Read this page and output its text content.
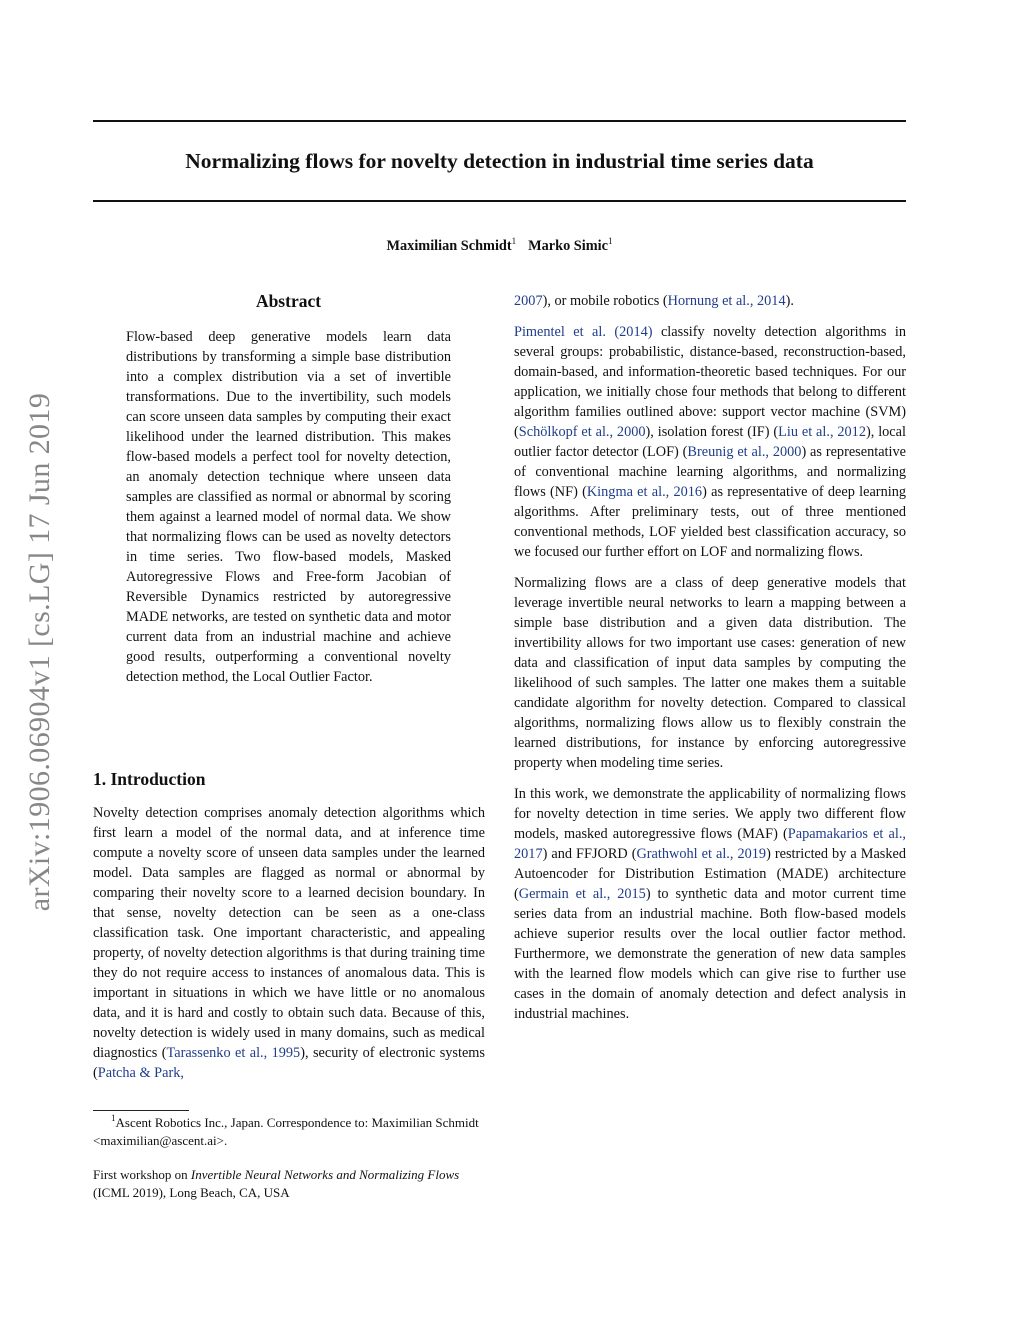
Normalizing flows for novelty detection in industrial time series data
Maximilian Schmidt$^1$ Marko Simic$^1$
arXiv:1906.06904v1 [cs.LG] 17 Jun 2019
Abstract

Flow-based deep generative models learn data distributions by transforming a simple base distribution into a complex distribution via a set of invertible transformations. Due to the invertibility, such models can score unseen data samples by computing their exact likelihood under the learned distribution. This makes flow-based models a perfect tool for novelty detection, an anomaly detection technique where unseen data samples are classified as normal or abnormal by scoring them against a learned model of normal data. We show that normalizing flows can be used as novelty detectors in time series. Two flow-based models, Masked Autoregressive Flows and Free-form Jacobian of Reversible Dynamics restricted by autoregressive MADE networks, are tested on synthetic data and motor current data from an industrial machine and achieve good results, outperforming a conventional novelty detection method, the Local Outlier Factor.

1. Introduction

Novelty detection comprises anomaly detection algorithms which first learn a model of the normal data, and at inference time compute a novelty score of unseen data samples under the learned model. Data samples are flagged as normal or abnormal by comparing their novelty score to a learned decision boundary. In that sense, novelty detection can be seen as a one-class classification task. One important characteristic, and appealing property, of novelty detection algorithms is that during training time they do not require access to instances of anomalous data. This is important in situations in which we have little or no anomalous data, and it is hard and costly to obtain such data. Because of this, novelty detection is widely used in many domains, such as medical diagnostics (Tarassenko et al., 1995), security of electronic systems (Patcha & Park,

$^1$Ascent Robotics Inc., Japan. Correspondence to: Maximilian Schmidt <maximilian@ascent.ai>.

First workshop on Invertible Neural Networks and Normalizing Flows (ICML 2019), Long Beach, CA, USA

2007), or mobile robotics (Hornung et al., 2014).

Pimentel et al. (2014) classify novelty detection algorithms in several groups: probabilistic, distance-based, reconstruction-based, domain-based, and information-theoretic based techniques. For our application, we initially chose four methods that belong to different algorithm families outlined above: support vector machine (SVM) (Schölkopf et al., 2000), isolation forest (IF) (Liu et al., 2012), local outlier factor detector (LOF) (Breunig et al., 2000) as representative of conventional machine learning algorithms, and normalizing flows (NF) (Kingma et al., 2016) as representative of deep learning algorithms. After preliminary tests, out of three mentioned conventional methods, LOF yielded best classification accuracy, so we focused our further effort on LOF and normalizing flows.

Normalizing flows are a class of deep generative models that leverage invertible neural networks to learn a mapping between a simple base distribution and a given data distribution. The invertibility allows for two important use cases: generation of new data and classification of input data samples by computing the likelihood of such samples. The latter one makes them a suitable candidate algorithm for novelty detection. Compared to classical algorithms, normalizing flows allow us to flexibly constrain the learned distributions, for instance by enforcing autoregressive property when modeling time series.

In this work, we demonstrate the applicability of normalizing flows for novelty detection in time series. We apply two different flow models, masked autoregressive flows (MAF) (Papamakarios et al., 2017) and FFJORD (Grathwohl et al., 2019) restricted by a Masked Autoencoder for Distribution Estimation (MADE) architecture (Germain et al., 2015) to synthetic data and motor current time series data from an industrial machine. Both flow-based models achieve superior results over the local outlier factor method. Furthermore, we demonstrate the generation of new data samples with the learned flow models which can give rise to further use cases in the domain of anomaly detection and defect analysis in industrial machines.
